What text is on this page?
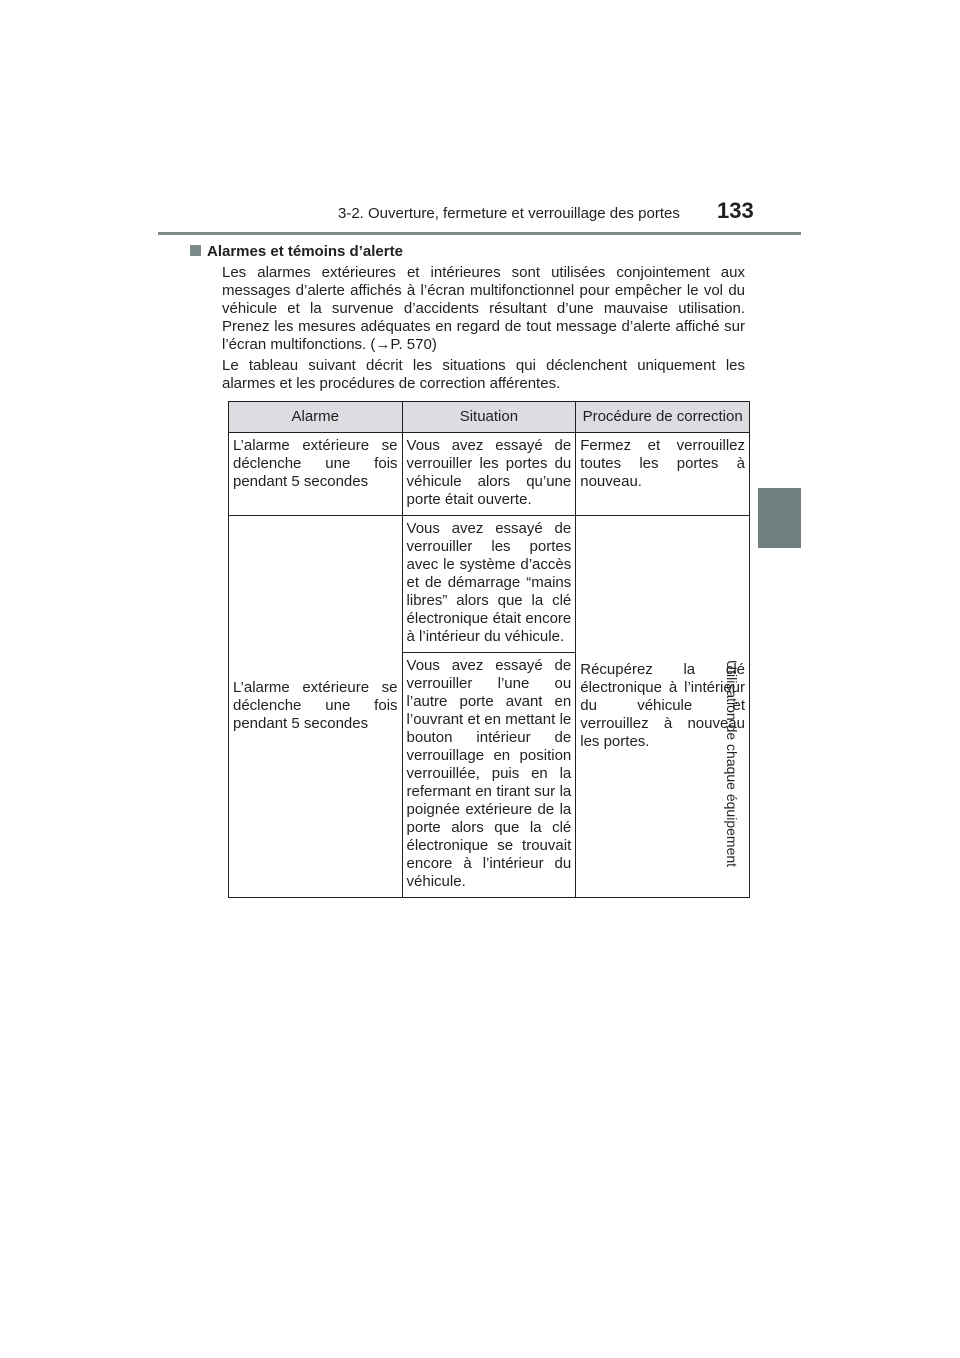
3-2. Ouverture, fermeture et verrouillage des portes 133
3
Utilisation de chaque équipement
Alarmes et témoins d’alerte
Les alarmes extérieures et intérieures sont utilisées conjointement aux messages d’alerte affichés à l’écran multifonctionnel pour empêcher le vol du véhicule et la survenue d’accidents résultant d’une mauvaise utilisation. Prenez les mesures adéquates en regard de tout message d’alerte affiché sur l’écran multifonctions. (→P. 570)
Le tableau suivant décrit les situations qui déclenchent uniquement les alarmes et les procédures de correction afférentes.
Alarme	Situation	Procédure de correction
L’alarme extérieure se déclenche une fois pendant 5 secondes	Vous avez essayé de verrouiller les portes du véhicule alors qu’une porte était ouverte.	Fermez et verrouillez toutes les portes à nouveau.
L’alarme extérieure se déclenche une fois pendant 5 secondes	Vous avez essayé de verrouiller les portes avec le système d’accès et de démarrage “mains libres” alors que la clé électronique était encore à l’intérieur du véhicule.	Récupérez la clé électronique à l’intérieur du véhicule et verrouillez à nouveau les portes.
	Vous avez essayé de verrouiller l’une ou l’autre porte avant en l’ouvrant et en mettant le bouton intérieur de verrouillage en position verrouillée, puis en la refermant en tirant sur la poignée extérieure de la porte alors que la clé électronique se trouvait encore à l’intérieur du véhicule.	
